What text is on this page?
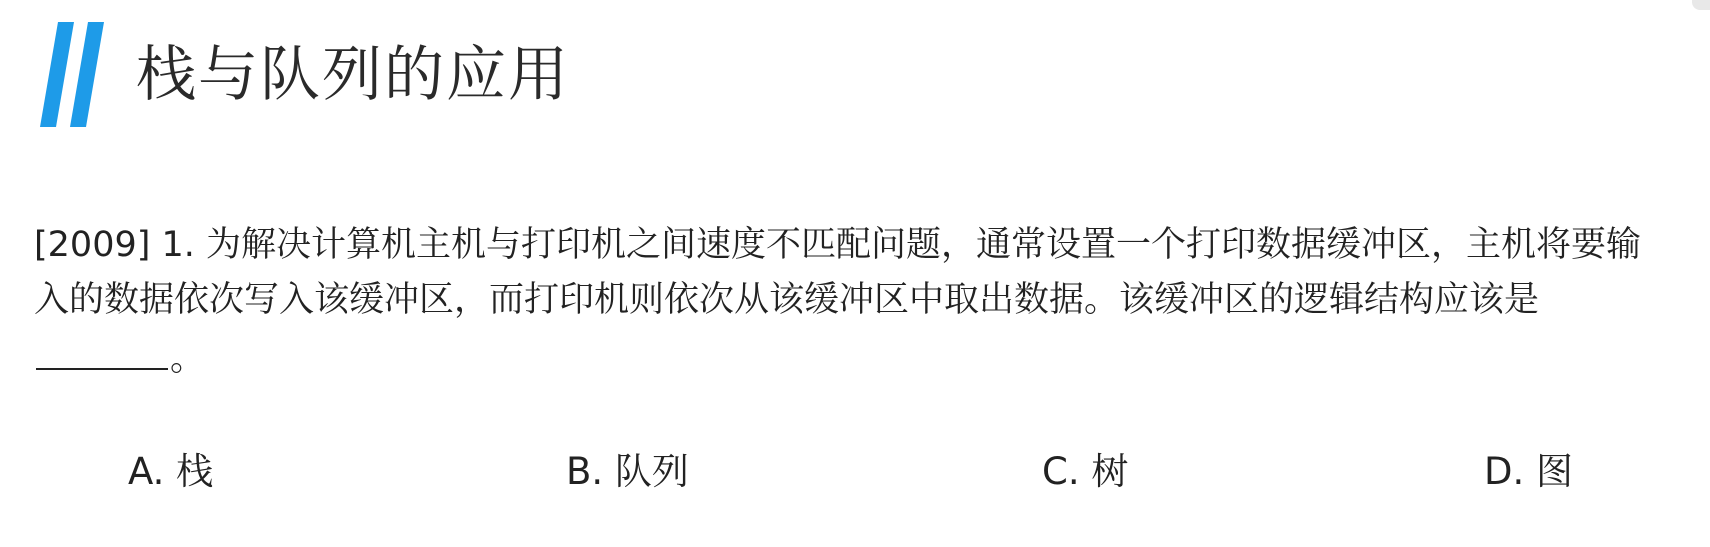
栈与队列的应用
[2009] 1. 为解决计算机主机与打印机之间速度不匹配问题，通常设置一个打印数据缓冲区，主机将要输入的数据依次写入该缓冲区，而打印机则依次从该缓冲区中取出数据。该缓冲区的逻辑结构应该是。
A. 栈	B. 队列	C. 树	D. 图
